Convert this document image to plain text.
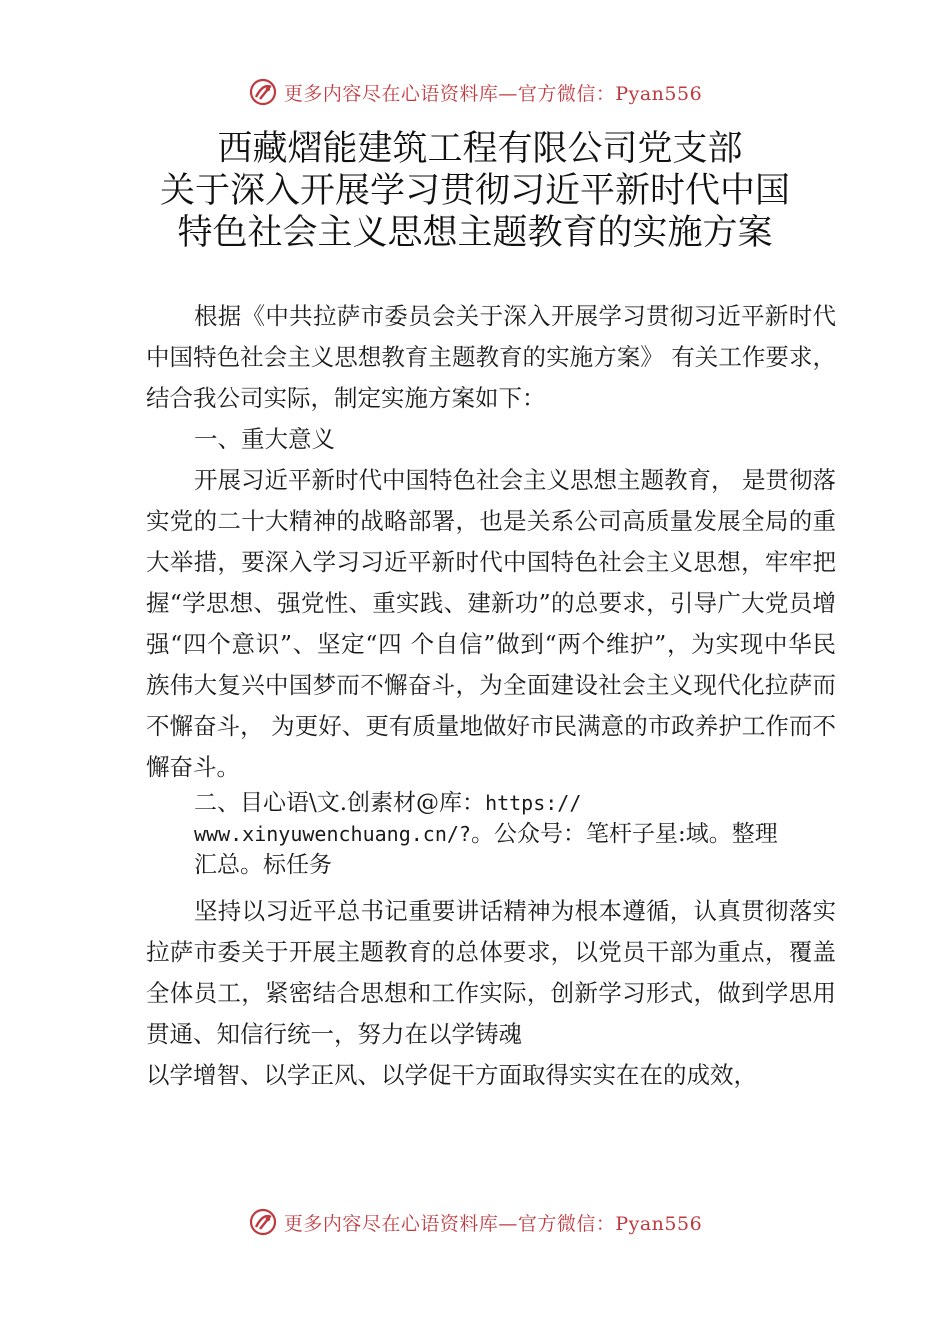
更多内容尽在心语资料库—官方微信：Pyan556
西藏熠能建筑工程有限公司党支部
关于深入开展学习贯彻习近平新时代中国
特色社会主义思想主题教育的实施方案

根据《中共拉萨市委员会关于深入开展学习贯彻习近平新时代中国特色社会主义思想教育主题教育的实施方案》 有关工作要求，结合我公司实际，制定实施方案如下：

一、重大意义

开展习近平新时代中国特色社会主义思想主题教育， 是贯彻落实党的二十大精神的战略部署，也是关系公司高质量发展全局的重大举措，要深入学习习近平新时代中国特色社会主义思想，牢牢把握“学思想、强党性、重实践、建新功”的总要求，引导广大党员增强“四个意识”、坚定“四 个自信”做到“两个维护”，为实现中华民族伟大复兴中国梦而不懈奋斗，为全面建设社会主义现代化拉萨而不懈奋斗， 为更好、更有质量地做好市民满意的市政养护工作而不懈奋斗。

二、目心语\文.创素材@库：https://
www.xinyuwenchuang.cn/?。公众号：笔杆子星:域。整理
汇总。标任务

坚持以习近平总书记重要讲话精神为根本遵循，认真贯彻落实拉萨市委关于开展主题教育的总体要求，以党员干部为重点，覆盖全体员工，紧密结合思想和工作实际，创新学习形式，做到学思用贯通、知信行统一，努力在以学铸魂

以学增智、以学正风、以学促干方面取得实实在在的成效，

更多内容尽在心语资料库—官方微信：Pyan556
